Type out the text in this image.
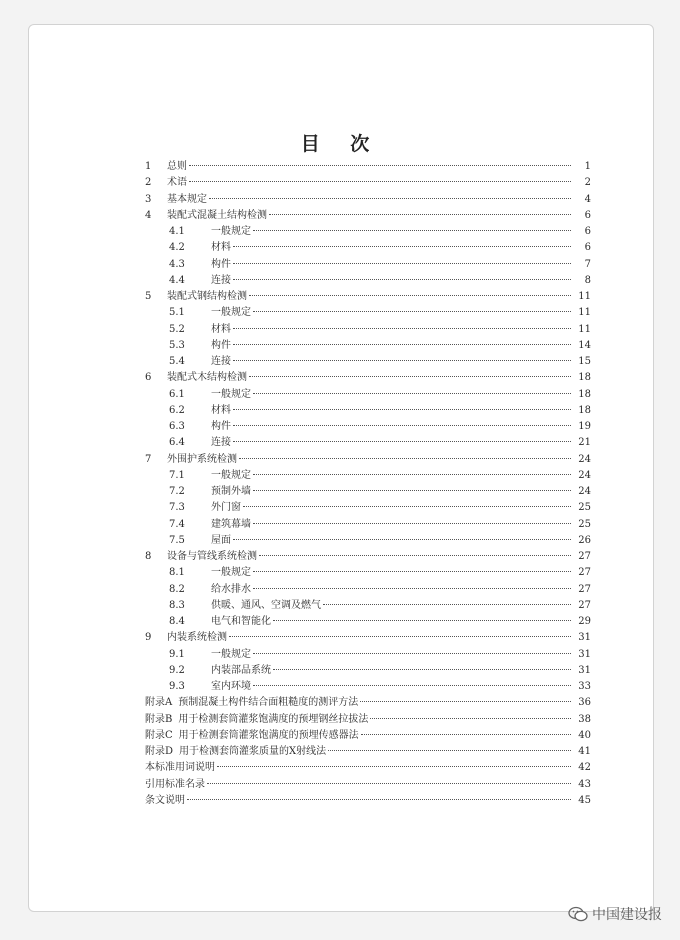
目 次
1	总则	1
2	术语	2
3	基本规定	4
4	装配式混凝土结构检测	6
4.1	一般规定	6
4.2	材料	6
4.3	构件	7
4.4	连接	8
5	装配式钢结构检测	11
5.1	一般规定	11
5.2	材料	11
5.3	构件	14
5.4	连接	15
6	装配式木结构检测	18
6.1	一般规定	18
6.2	材料	18
6.3	构件	19
6.4	连接	21
7	外围护系统检测	24
7.1	一般规定	24
7.2	预制外墙	24
7.3	外门窗	25
7.4	建筑幕墙	25
7.5	屋面	26
8	设备与管线系统检测	27
8.1	一般规定	27
8.2	给水排水	27
8.3	供暖、通风、空调及燃气	27
8.4	电气和智能化	29
9	内装系统检测	31
9.1	一般规定	31
9.2	内装部品系统	31
9.3	室内环境	33
附录A 预制混凝土构件结合面粗糙度的测评方法	36
附录B 用于检测套筒灌浆饱满度的预埋钢丝拉拔法	38
附录C 用于检测套筒灌浆饱满度的预埋传感器法	40
附录D 用于检测套筒灌浆质量的X射线法	41
本标准用词说明	42
引用标准名录	43
条文说明	45
中国建设报
